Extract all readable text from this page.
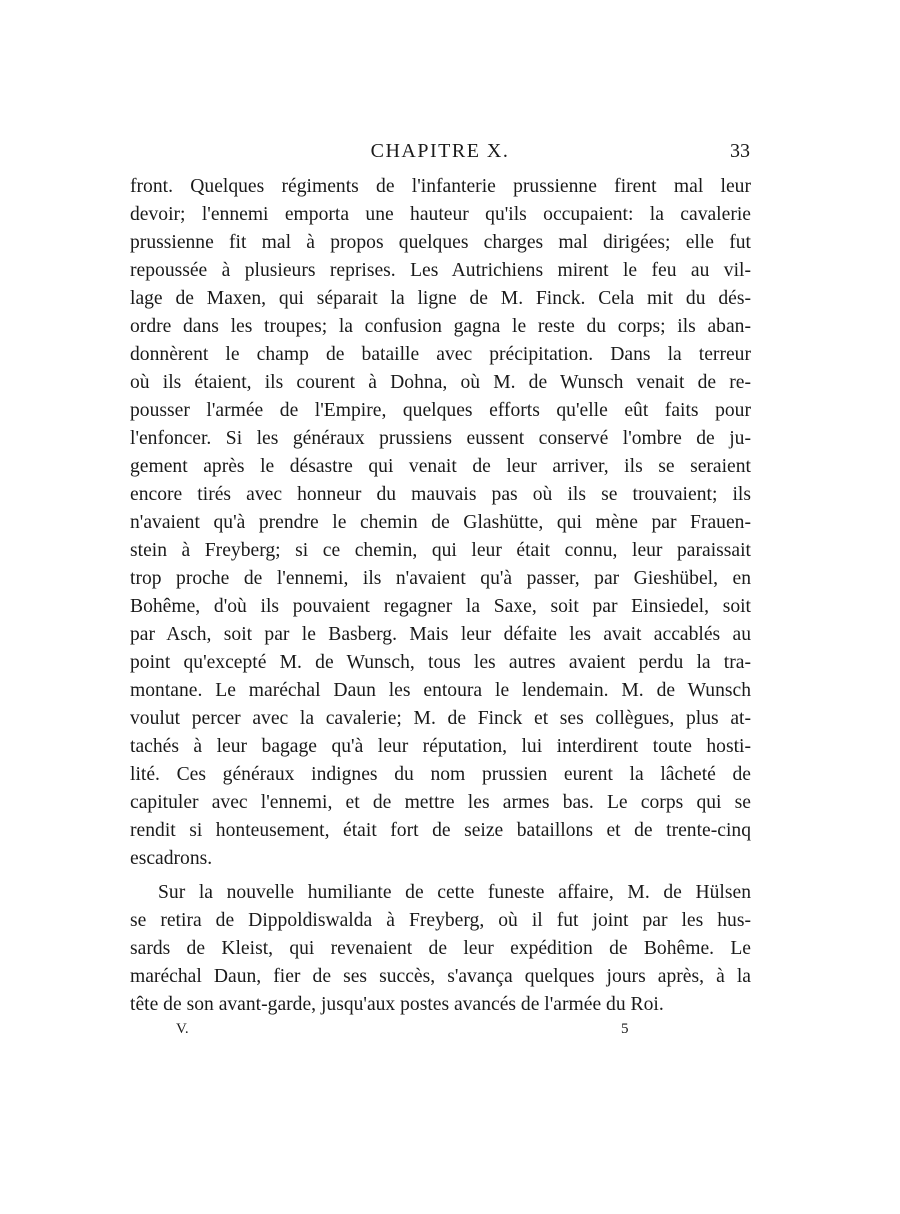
CHAPITRE X.	33
front. Quelques régiments de l'infanterie prussienne firent mal leur
devoir; l'ennemi emporta une hauteur qu'ils occupaient: la cavalerie
prussienne fit mal à propos quelques charges mal dirigées; elle fut
repoussée à plusieurs reprises. Les Autrichiens mirent le feu au vil-
lage de Maxen, qui séparait la ligne de M. Finck. Cela mit du dés-
ordre dans les troupes; la confusion gagna le reste du corps; ils aban-
donnèrent le champ de bataille avec précipitation. Dans la terreur
où ils étaient, ils courent à Dohna, où M. de Wunsch venait de re-
pousser l'armée de l'Empire, quelques efforts qu'elle eût faits pour
l'enfoncer. Si les généraux prussiens eussent conservé l'ombre de ju-
gement après le désastre qui venait de leur arriver, ils se seraient
encore tirés avec honneur du mauvais pas où ils se trouvaient; ils
n'avaient qu'à prendre le chemin de Glashütte, qui mène par Frauen-
stein à Freyberg; si ce chemin, qui leur était connu, leur paraissait
trop proche de l'ennemi, ils n'avaient qu'à passer, par Gieshübel, en
Bohême, d'où ils pouvaient regagner la Saxe, soit par Einsiedel, soit
par Asch, soit par le Basberg. Mais leur défaite les avait accablés au
point qu'excepté M. de Wunsch, tous les autres avaient perdu la tra-
montane. Le maréchal Daun les entoura le lendemain. M. de Wunsch
voulut percer avec la cavalerie; M. de Finck et ses collègues, plus at-
tachés à leur bagage qu'à leur réputation, lui interdirent toute hosti-
lité. Ces généraux indignes du nom prussien eurent la lâcheté de
capituler avec l'ennemi, et de mettre les armes bas. Le corps qui se
rendit si honteusement, était fort de seize bataillons et de trente-cinq
escadrons.
Sur la nouvelle humiliante de cette funeste affaire, M. de Hülsen
se retira de Dippoldiswalda à Freyberg, où il fut joint par les hus-
sards de Kleist, qui revenaient de leur expédition de Bohême. Le
maréchal Daun, fier de ses succès, s'avança quelques jours après, à la
tête de son avant-garde, jusqu'aux postes avancés de l'armée du Roi.
V.	5
